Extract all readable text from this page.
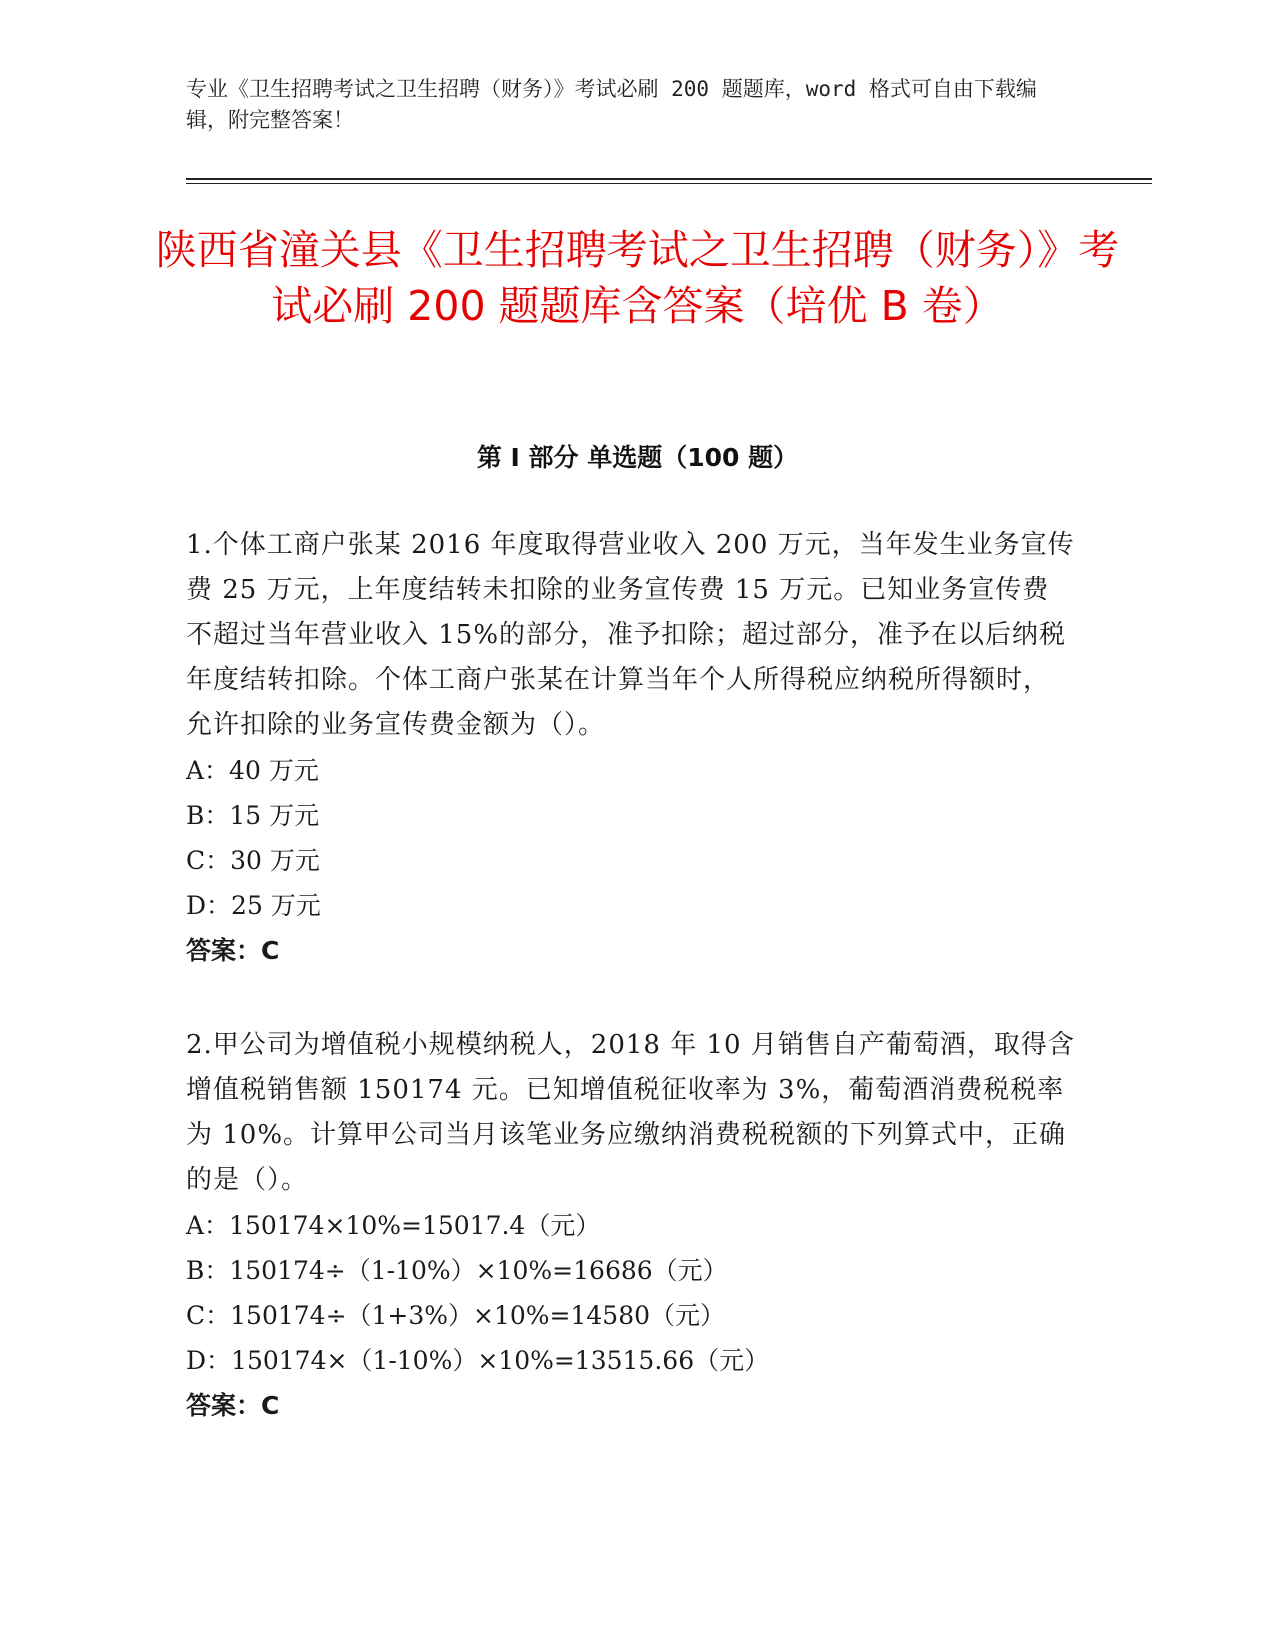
专业《卫生招聘考试之卫生招聘（财务）》考试必刷 200 题题库，word 格式可自由下载编辑，附完整答案！
陕西省潼关县《卫生招聘考试之卫生招聘（财务）》考试必刷 200 题题库含答案（培优 B 卷）
第 I 部分 单选题（100 题）

1.个体工商户张某 2016 年度取得营业收入 200 万元，当年发生业务宣传费 25 万元，上年度结转未扣除的业务宣传费 15 万元。已知业务宣传费不超过当年营业收入 15%的部分，准予扣除；超过部分，准予在以后纳税年度结转扣除。个体工商户张某在计算当年个人所得税应纳税所得额时，允许扣除的业务宣传费金额为（）。

A：40 万元

B：15 万元

C：30 万元

D：25 万元

答案：C

2.甲公司为增值税小规模纳税人，2018 年 10 月销售自产葡萄酒，取得含增值税销售额 150174 元。已知增值税征收率为 3%，葡萄酒消费税税率为 10%。计算甲公司当月该笔业务应缴纳消费税税额的下列算式中，正确的是（）。

A：150174×10%=15017.4（元）

B：150174÷（1-10%）×10%=16686（元）

C：150174÷（1+3%）×10%=14580（元）

D：150174×（1-10%）×10%=13515.66（元）

答案：C
